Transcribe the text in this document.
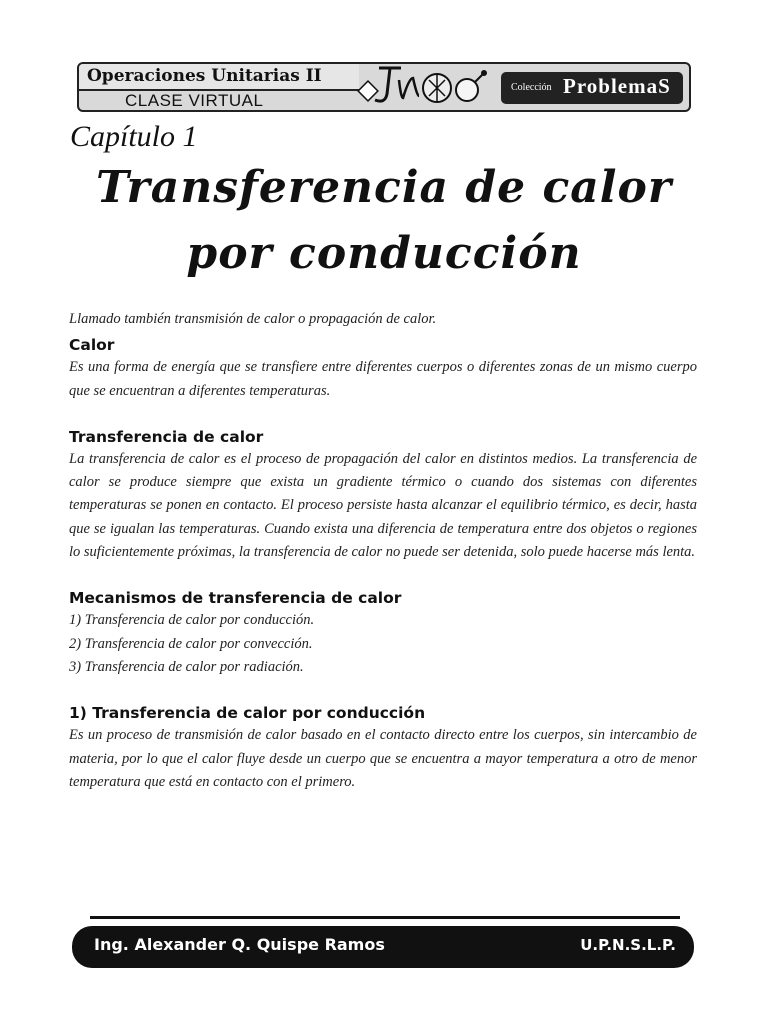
Operaciones Unitarias II
CLASE VIRTUAL
Colección ProblemaS
Capítulo 1
Transferencia de calor
por conducción

Llamado también transmisión de calor o propagación de calor.

Calor

Es una forma de energía que se transfiere entre diferentes cuerpos o diferentes zonas de un mismo cuerpo que se encuentran a diferentes temperaturas.

Transferencia de calor

La transferencia de calor es el proceso de propagación del calor en distintos medios. La transferencia de calor se produce siempre que exista un gradiente térmico o cuando dos sistemas con diferentes temperaturas se ponen en contacto. El proceso persiste hasta alcanzar el equilibrio térmico, es decir, hasta que se igualan las temperaturas. Cuando exista una diferencia de temperatura entre dos objetos o regiones lo suficientemente próximas, la transferencia de calor no puede ser detenida, solo puede hacerse más lenta.

Mecanismos de transferencia de calor

1) Transferencia de calor por conducción.

2) Transferencia de calor por convección.

3) Transferencia de calor por radiación.

1) Transferencia de calor por conducción

Es un proceso de transmisión de calor basado en el contacto directo entre los cuerpos, sin intercambio de materia, por lo que el calor fluye desde un cuerpo que se encuentra a mayor temperatura a otro de menor temperatura que está en contacto con el primero.

Ing. Alexander Q. Quispe Ramos	U.P.N.S.L.P.
